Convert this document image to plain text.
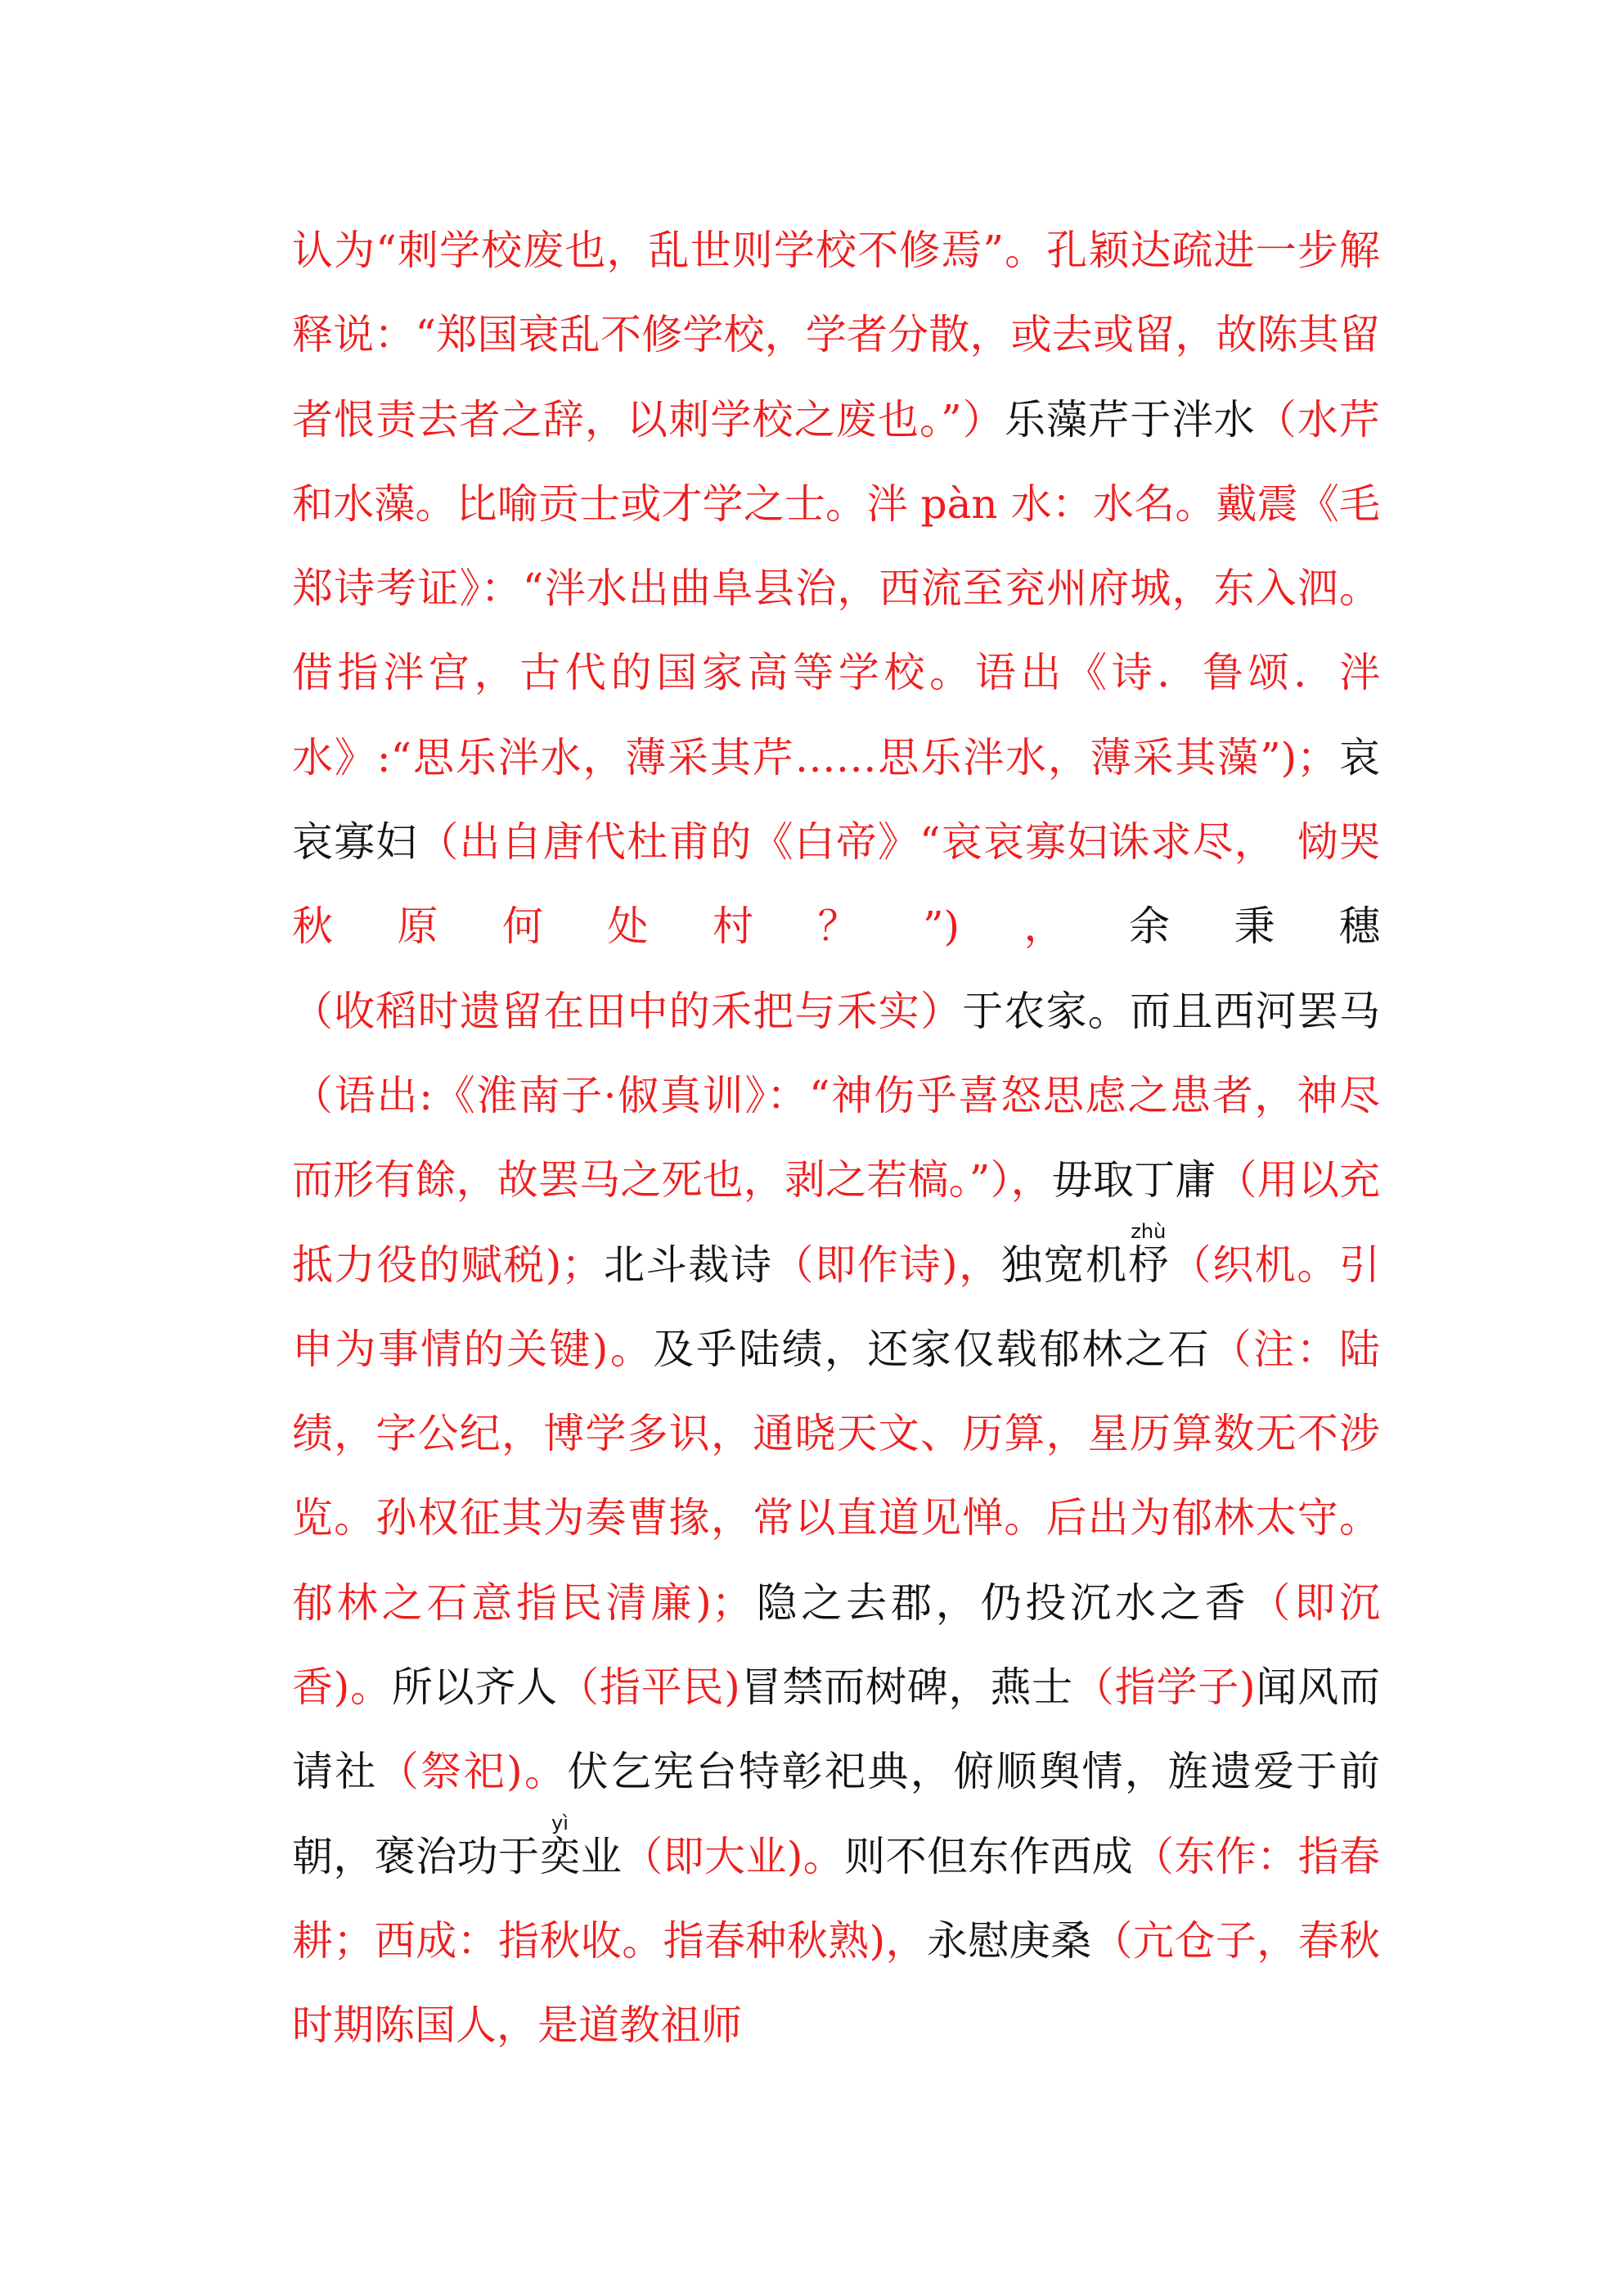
认为“刺学校废也，乱世则学校不修焉”。孔颖达疏进一步解释说：“郑国衰乱不修学校，学者分散，或去或留，故陈其留者恨责去者之辞，以刺学校之废也。”）乐藻芹于泮水（水芹和水藻。比喻贡士或才学之士。泮 pàn 水：水名。戴震《毛郑诗考证》：“泮水出曲阜县治，西流至兖州府城，东入泗。借指泮宫，古代的国家高等学校。语出《诗．鲁颂．泮水》:“思乐泮水，薄采其芹……思乐泮水，薄采其藻”)；哀哀寡妇（出自唐代杜甫的《白帝》“哀哀寡妇诛求尽，　恸哭秋原何处村？”)，余秉穗（收稻时遗留在田中的禾把与禾实）于农家。而且西河罢马（语出:《淮南子·俶真训》：“神伤乎喜怒思虑之患者，神尽而形有餘，故罢马之死也，剥之若槁。”），毋取丁庸（用以充抵力役的赋税)；北斗裁诗（即作诗)，独宽机杼zhù（织机。引申为事情的关键)。及乎陆绩，还家仅载郁林之石（注：陆绩，字公纪，博学多识，通晓天文、历算，星历算数无不涉览。孙权征其为奏曹掾，常以直道见惮。后出为郁林太守。郁林之石意指民清廉)；隐之去郡，仍投沉水之香（即沉香)。所以齐人（指平民)冒禁而树碑，燕士（指学子)闻风而请社（祭祀)。伏乞宪台特彰祀典，俯顺舆情，旌遗爱于前朝，褒治功于奕yì业（即大业)。则不但东作西成（东作：指春耕；西成：指秋收。指春种秋熟)，永慰庚桑（亢仓子，春秋时期陈国人，是道教祖师
